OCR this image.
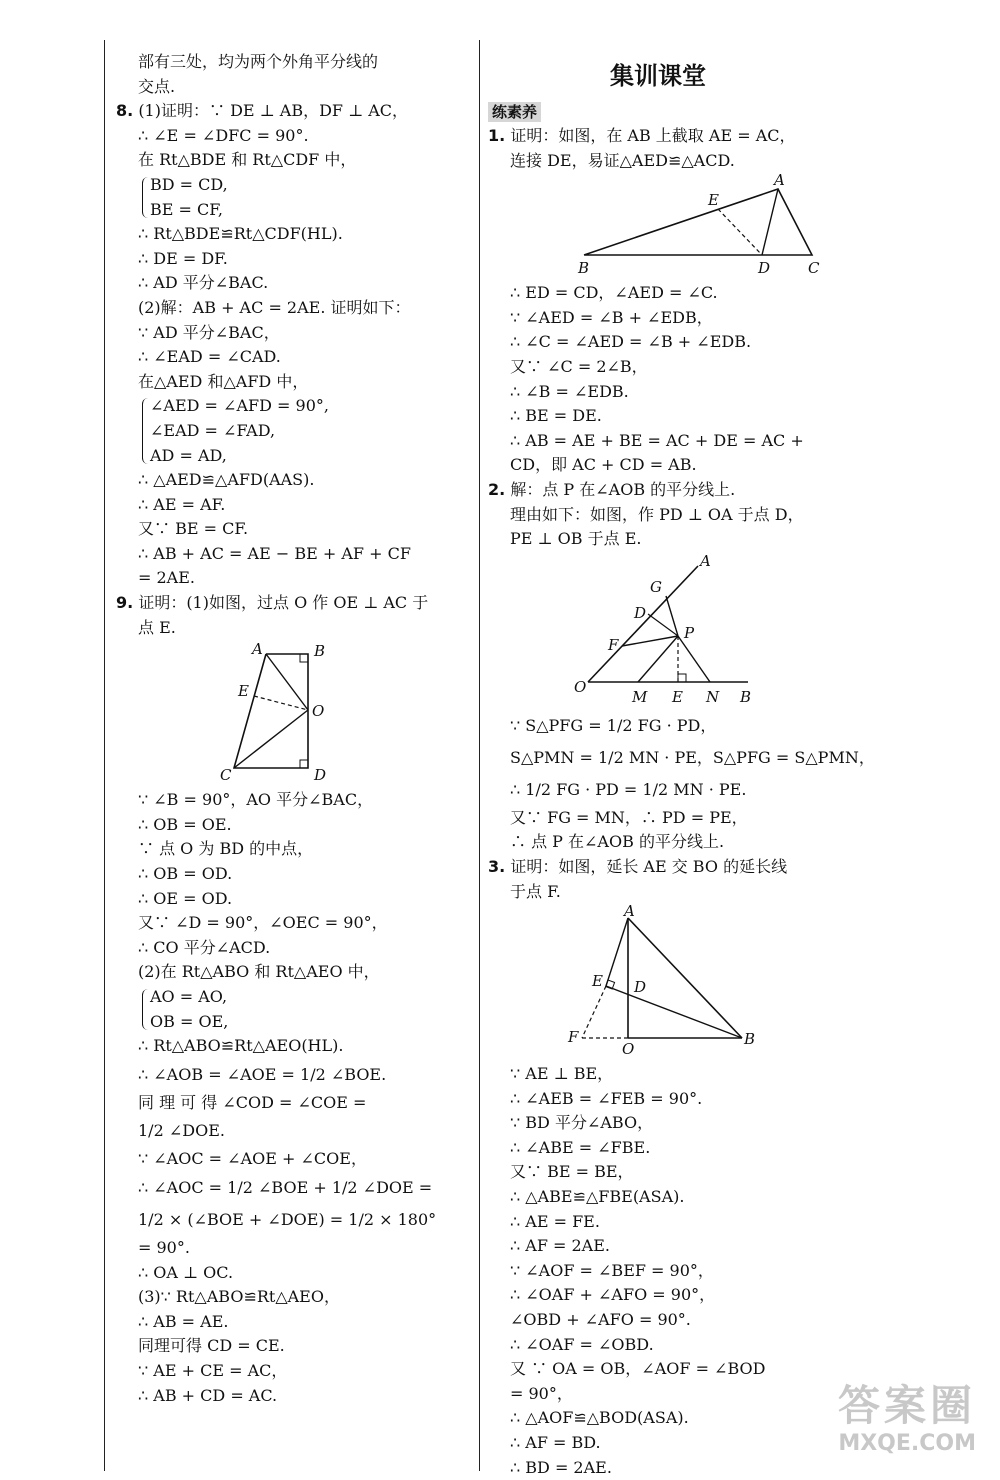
部有三处，均为两个外角平分线的
交点.
8. (1)证明：∵ DE ⊥ AB，DF ⊥ AC，
∴ ∠E = ∠DFC = 90°.
在 Rt△BDE 和 Rt△CDF 中，
BD = CD,
BE = CF,
∴ Rt△BDE≌Rt△CDF(HL).
∴ DE = DF.
∴ AD 平分∠BAC.
(2)解：AB + AC = 2AE. 证明如下：
∵ AD 平分∠BAC，
∴ ∠EAD = ∠CAD.
在△AED 和△AFD 中，
∠AED = ∠AFD = 90°,
∠EAD = ∠FAD,
AD = AD,
∴ △AED≌△AFD(AAS).
∴ AE = AF.
又∵ BE = CF.
∴ AB + AC = AE − BE + AF + CF
= 2AE.
9. 证明：(1)如图，过点 O 作 OE ⊥ AC 于
点 E.
A	B
E
O
C	D
∵ ∠B = 90°，AO 平分∠BAC，
∴ OB = OE.
∵ 点 O 为 BD 的中点，
∴ OB = OD.
∴ OE = OD.
又∵ ∠D = 90°，∠OEC = 90°，
∴ CO 平分∠ACD.
(2)在 Rt△ABO 和 Rt△AEO 中，
AO = AO,
OB = OE,
∴ Rt△ABO≌Rt△AEO(HL).
∴ ∠AOB = ∠AOE = 1/2 ∠BOE.
同 理 可 得 ∠COD = ∠COE =
1/2 ∠DOE.
∵ ∠AOC = ∠AOE + ∠COE，
∴ ∠AOC = 1/2 ∠BOE + 1/2 ∠DOE =
1/2 × (∠BOE + ∠DOE) = 1/2 × 180°
= 90°.
∴ OA ⊥ OC.
(3)∵ Rt△ABO≌Rt△AEO，
∴ AB = AE.
同理可得 CD = CE.
∵ AE + CE = AC，
∴ AB + CD = AC.
集训课堂
练素养
1. 证明：如图，在 AB 上截取 AE = AC，
连接 DE，易证△AED≌△ACD.
A
E
B	D	C
∴ ED = CD，∠AED = ∠C.
∵ ∠AED = ∠B + ∠EDB，
∴ ∠C = ∠AED = ∠B + ∠EDB.
又∵ ∠C = 2∠B，
∴ ∠B = ∠EDB.
∴ BE = DE.
∴ AB = AE + BE = AC + DE = AC +
CD，即 AC + CD = AB.
2. 解：点 P 在∠AOB 的平分线上.
理由如下：如图，作 PD ⊥ OA 于点 D，
PE ⊥ OB 于点 E.
A
G
D
P
F
O
M E N B
∵ S△PFG = 1/2 FG · PD，
S△PMN = 1/2 MN · PE，S△PFG = S△PMN，
∴ 1/2 FG · PD = 1/2 MN · PE.
又∵ FG = MN，∴ PD = PE，
∴ 点 P 在∠AOB 的平分线上.
3. 证明：如图，延长 AE 交 BO 的延长线
于点 F.
A
E D
F
O
B
∵ AE ⊥ BE，
∴ ∠AEB = ∠FEB = 90°.
∵ BD 平分∠ABO，
∴ ∠ABE = ∠FBE.
又∵ BE = BE，
∴ △ABE≌△FBE(ASA).
∴ AE = FE.
∴ AF = 2AE.
∵ ∠AOF = ∠BEF = 90°，
∴ ∠OAF + ∠AFO = 90°，
∠OBD + ∠AFO = 90°.
∴ ∠OAF = ∠OBD.
又 ∵ OA = OB，∠AOF = ∠BOD
= 90°，
∴ △AOF≌△BOD(ASA).
∴ AF = BD.
∴ BD = 2AE.
答案圈
MXQE.COM
